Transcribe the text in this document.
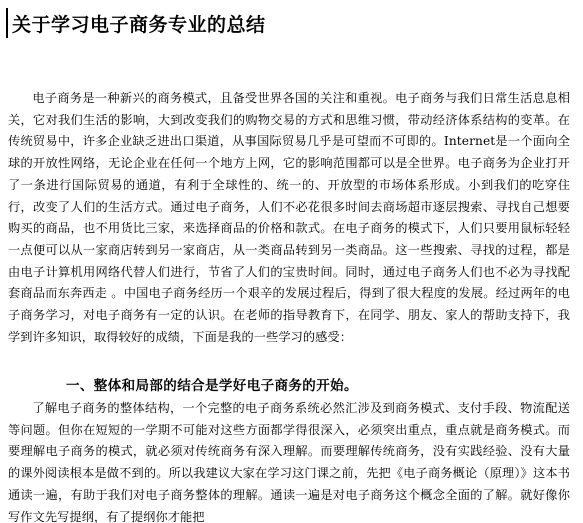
关于学习电子商务专业的总结

电子商务是一种新兴的商务模式，且备受世界各国的关注和重视。电子商务与我们日常生活息息相关，它对我们生活的影响，大到改变我们的购物交易的方式和思维习惯，带动经济体系结构的变革。在传统贸易中，许多企业缺乏进出口渠道，从事国际贸易几乎是可望而不可即的。Internet是一个面向全球的开放性网络，无论企业在任何一个地方上网，它的影响范围都可以是全世界。电子商务为企业打开了一条进行国际贸易的通道，有利于全球性的、统一的、开放型的市场体系形成。小到我们的吃穿住行，改变了人们的生活方式。通过电子商务，人们不必花很多时间去商场超市逐层搜索、寻找自己想要购买的商品，也不用货比三家，来选择商品的价格和款式。在电子商务的模式下，人们只要用鼠标轻轻一点便可以从一家商店转到另一家商店，从一类商品转到另一类商品。这一些搜索、寻找的过程，都是由电子计算机用网络代替人们进行，节省了人们的宝贵时间。同时，通过电子商务人们也不必为寻找配套商品而东奔西走 。中国电子商务经历一个艰辛的发展过程后，得到了很大程度的发展。经过两年的电子商务学习，对电子商务有一定的认识。在老师的指导教育下，在同学、朋友、家人的帮助支持下，我学到许多知识，取得较好的成绩，下面是我的一些学习的感受：

一、整体和局部的结合是学好电子商务的开始。

了解电子商务的整体结构，一个完整的电子商务系统必然汇涉及到商务模式、支付手段、物流配送等问题。但你在短短的一学期不可能对这些方面都学得很深入，必须突出重点，重点就是商务模式。而要理解电子商务的模式，就必须对传统商务有深入理解。而要理解传统商务，没有实践经验、没有大量的课外阅读根本是做不到的。所以我建议大家在学习这门课之前，先把《电子商务概论（原理）》这本书通读一遍，有助于我们对电子商务整体的理解。通读一遍是对电子商务这个概念全面的了解。就好像你写作文先写提纲，有了提纲你才能把
